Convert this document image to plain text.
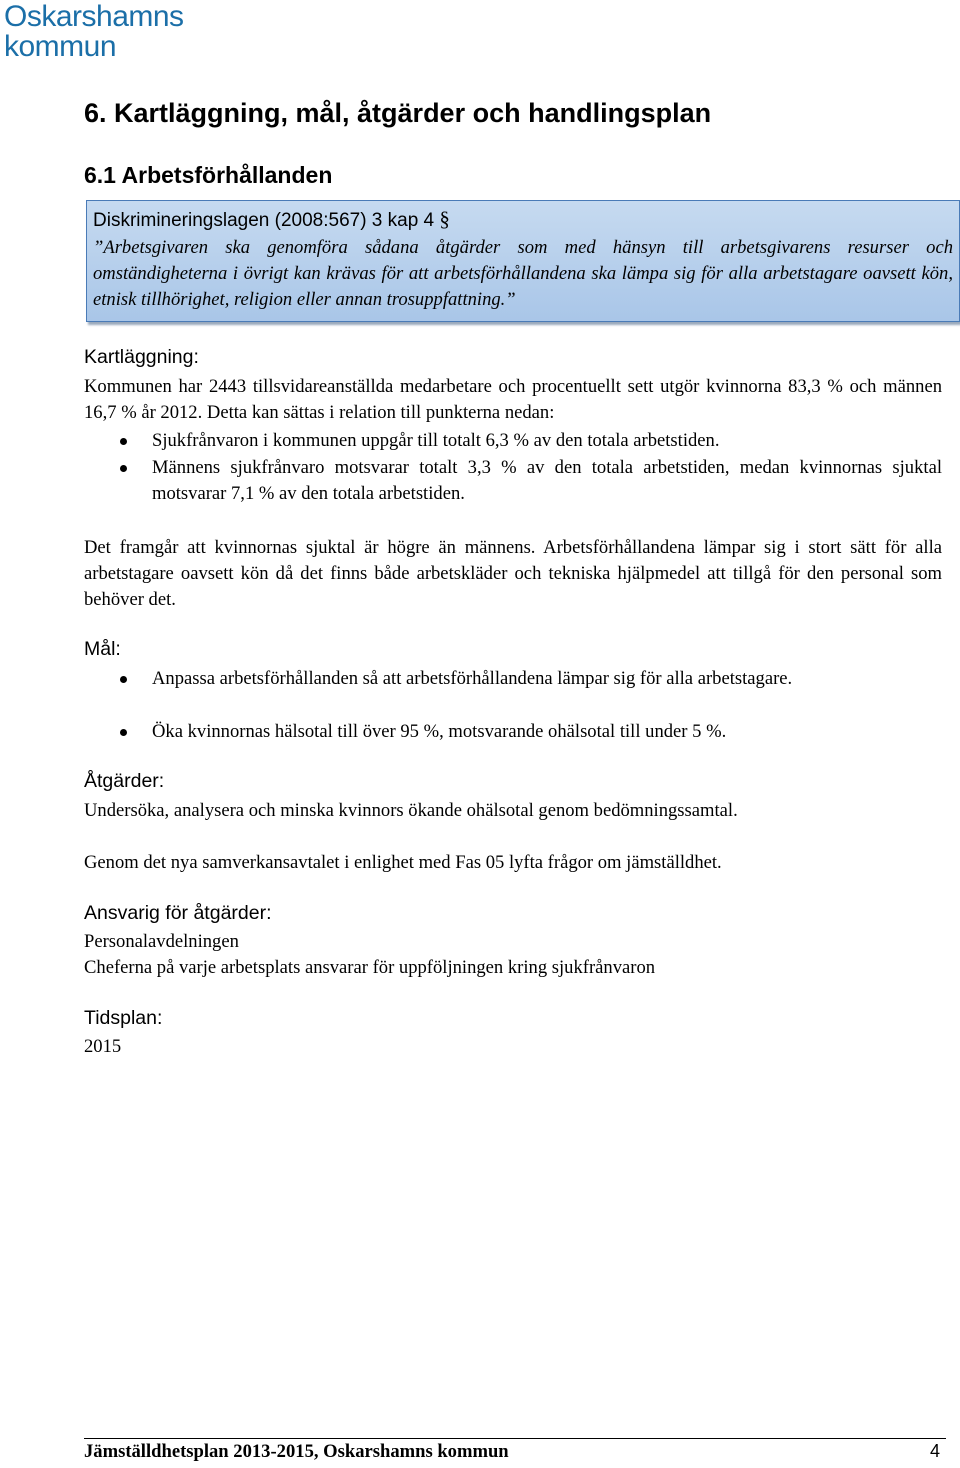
Oskarshamns
kommun
6. Kartläggning, mål, åtgärder och handlingsplan
6.1 Arbetsförhållanden
Diskrimineringslagen (2008:567) 3 kap 4 §
”Arbetsgivaren ska genomföra sådana åtgärder som med hänsyn till arbetsgivarens resurser och omständigheterna i övrigt kan krävas för att arbetsförhållandena ska lämpa sig för alla arbetstagare oavsett kön, etnisk tillhörighet, religion eller annan trosuppfattning.”
Kartläggning:

Kommunen har 2443 tillsvidareanställda medarbetare och procentuellt sett utgör kvinnorna 83,3 % och männen 16,7 % år 2012. Detta kan sättas i relation till punkterna nedan:

Sjukfrånvaron i kommunen uppgår till totalt 6,3 % av den totala arbetstiden.
Männens sjukfrånvaro motsvarar totalt 3,3 % av den totala arbetstiden, medan kvinnornas sjuktal motsvarar 7,1 % av den totala arbetstiden.

Det framgår att kvinnornas sjuktal är högre än männens. Arbetsförhållandena lämpar sig i stort sätt för alla arbetstagare oavsett kön då det finns både arbetskläder och tekniska hjälpmedel att tillgå för den personal som behöver det.

Mål:
Anpassa arbetsförhållanden så att arbetsförhållandena lämpar sig för alla arbetstagare.
Öka kvinnornas hälsotal till över 95 %, motsvarande ohälsotal till under 5 %.
Åtgärder:
Undersöka, analysera och minska kvinnors ökande ohälsotal genom bedömningssamtal.
Genom det nya samverkansavtalet i enlighet med Fas 05 lyfta frågor om jämställdhet.
Ansvarig för åtgärder:
Personalavdelningen
Cheferna på varje arbetsplats ansvarar för uppföljningen kring sjukfrånvaron
Tidsplan:
2015
Jämställdhetsplan 2013-2015, Oskarshamns kommun	4
